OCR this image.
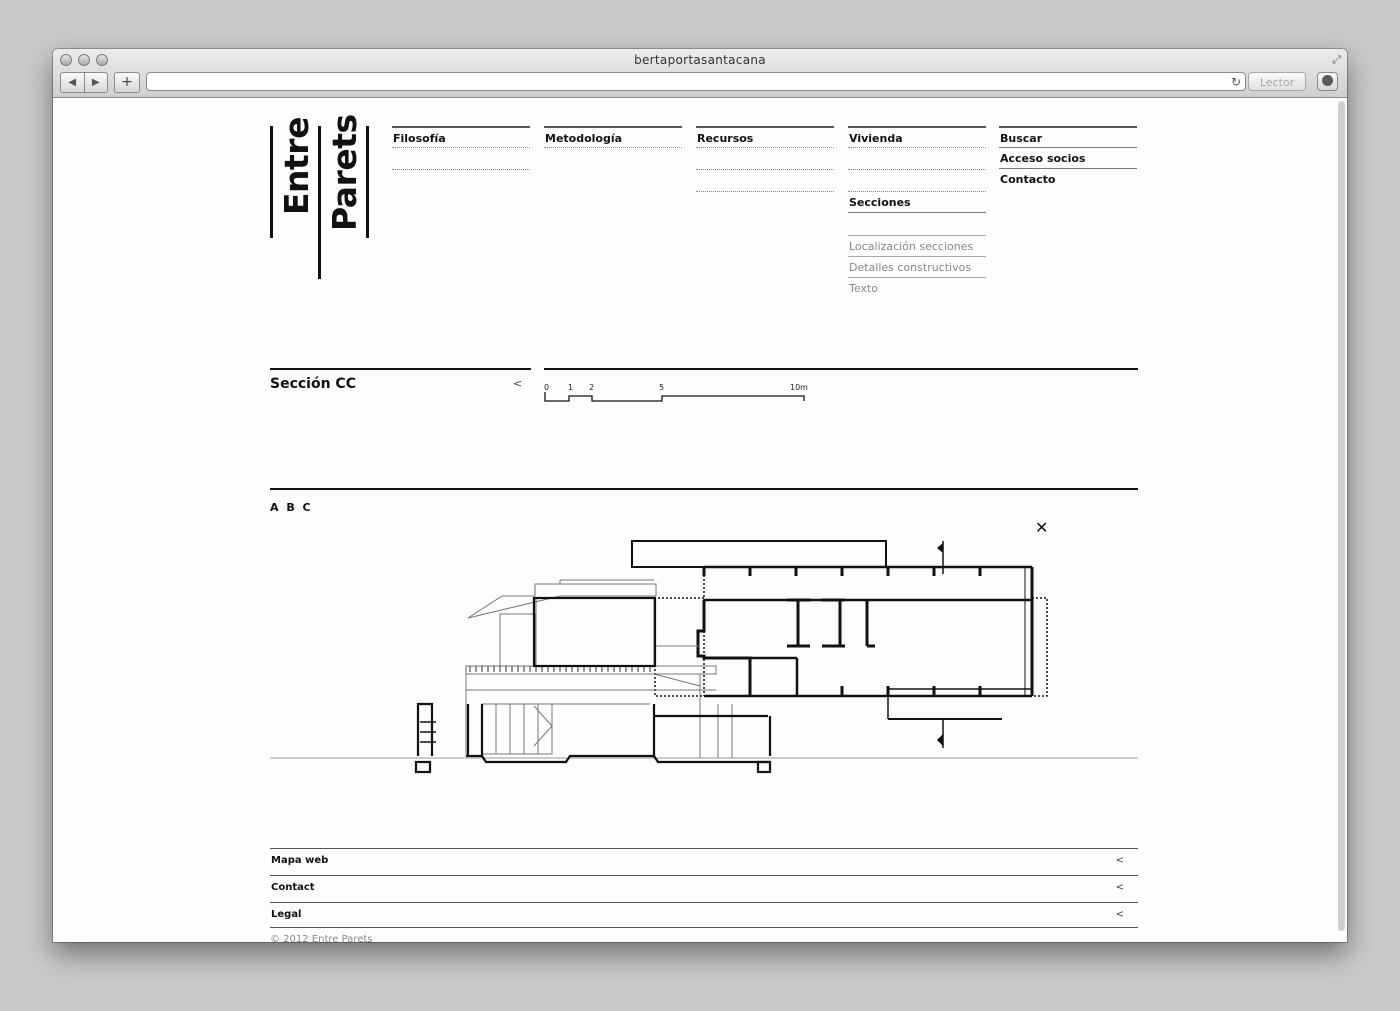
bertaportasantacana	⤢
◀	▶	+	↻	Lector
Entre Parets	Filosofía	Metodología	Recursos	Vivienda
Secciones
Localización secciones
Detalles constructivos
Texto
Buscar
Acceso socios
Contacto
Sección CC	<	0 1 2	5	10m
A B C
✕
Mapa web	<
Contact	<
Legal	<
© 2012 Entre Parets
